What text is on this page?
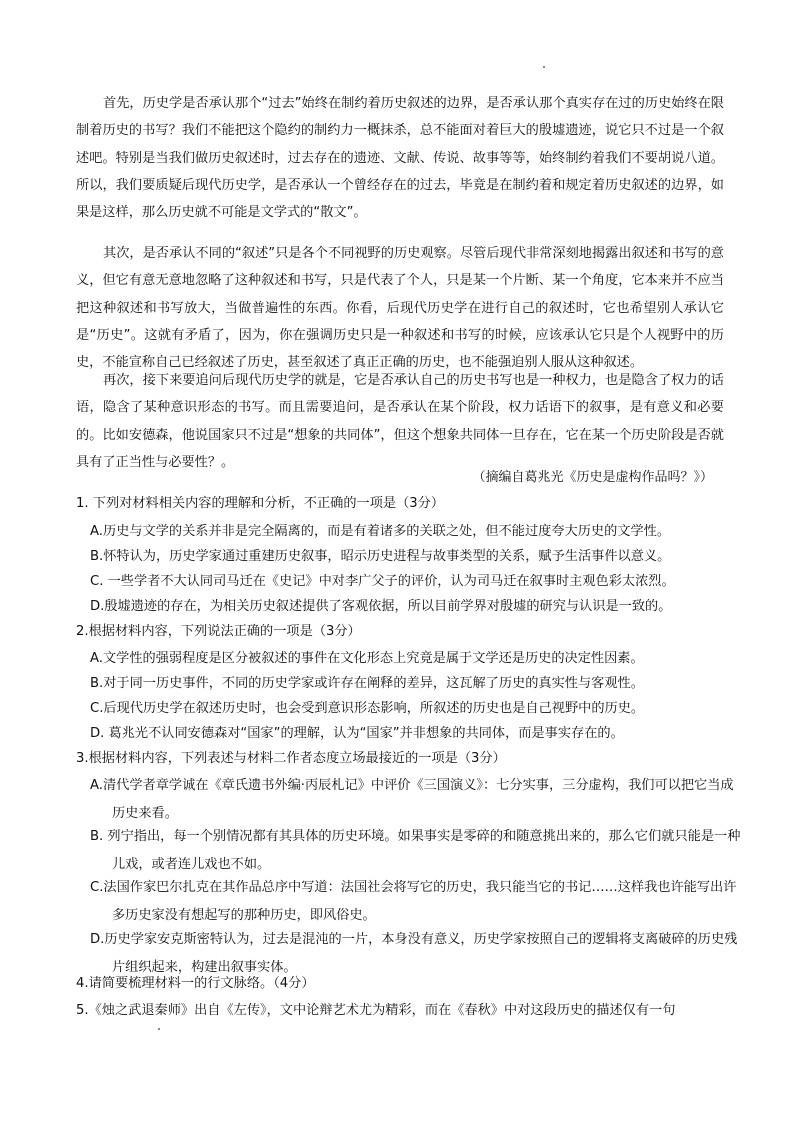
首先，历史学是否承认那个“过去”始终在制约着历史叙述的边界，是否承认那个真实存在过的历史始终在限制着历史的书写？我们不能把这个隐约的制约力一概抹杀，总不能面对着巨大的殷墟遗迹，说它只不过是一个叙述吧。特别是当我们做历史叙述时，过去存在的遗迹、文献、传说、故事等等，始终制约着我们不要胡说八道。所以，我们要质疑后现代历史学，是否承认一个曾经存在的过去，毕竟是在制约着和规定着历史叙述的边界，如果是这样，那么历史就不可能是文学式的“散文”。

其次，是否承认不同的“叙述”只是各个不同视野的历史观察。尽管后现代非常深刻地揭露出叙述和书写的意义，但它有意无意地忽略了这种叙述和书写，只是代表了个人，只是某一个片断、某一个角度，它本来并不应当把这种叙述和书写放大，当做普遍性的东西。你看，后现代历史学在进行自己的叙述时，它也希望别人承认它是“历史”。这就有矛盾了，因为，你在强调历史只是一种叙述和书写的时候，应该承认它只是个人视野中的历史，不能宣称自己已经叙述了历史，甚至叙述了真正正确的历史，也不能强迫别人服从这种叙述。

再次，接下来要追问后现代历史学的就是，它是否承认自己的历史书写也是一种权力，也是隐含了权力的话语，隐含了某种意识形态的书写。而且需要追问，是否承认在某个阶段，权力话语下的叙事，是有意义和必要的。比如安德森，他说国家只不过是“想象的共同体”，但这个想象共同体一旦存在，它在某一个历史阶段是否就具有了正当性与必要性？。

（摘编自葛兆光《历史是虚构作品吗？》）

1. 下列对材料相关内容的理解和分析，不正确的一项是（3分）

A.历史与文学的关系并非是完全隔离的，而是有着诸多的关联之处，但不能过度夸大历史的文学性。

B.怀特认为，历史学家通过重建历史叙事，昭示历史进程与故事类型的关系，赋予生活事件以意义。

C. 一些学者不大认同司马迁在《史记》中对李广父子的评价，认为司马迁在叙事时主观色彩太浓烈。

D.殷墟遗迹的存在，为相关历史叙述提供了客观依据，所以目前学界对殷墟的研究与认识是一致的。

2.根据材料内容，下列说法正确的一项是（3分）

A.文学性的强弱程度是区分被叙述的事件在文化形态上究竟是属于文学还是历史的决定性因素。

B.对于同一历史事件，不同的历史学家或许存在阐释的差异，这瓦解了历史的真实性与客观性。

C.后现代历史学在叙述历史时，也会受到意识形态影响，所叙述的历史也是自己视野中的历史。

D. 葛兆光不认同安德森对“国家”的理解，认为“国家”并非想象的共同体，而是事实存在的。

3.根据材料内容，下列表述与材料二作者态度立场最接近的一项是（3分）

A.清代学者章学诚在《章氏遗书外编·丙辰札记》中评价《三国演义》：七分实事，三分虚构，我们可以把它当成历史来看。

B. 列宁指出，每一个别情况都有其具体的历史环境。如果事实是零碎的和随意挑出来的，那么它们就只能是一种儿戏，或者连儿戏也不如。

C.法国作家巴尔扎克在其作品总序中写道：法国社会将写它的历史，我只能当它的书记……这样我也许能写出许多历史家没有想起写的那种历史，即风俗史。

D.历史学家安克斯密特认为，过去是混沌的一片，本身没有意义，历史学家按照自己的逻辑将支离破碎的历史残片组织起来，构建出叙事实体。

4.请简要梳理材料一的行文脉络。（4分）

5.《烛之武退秦师》出自《左传》，文中论辩艺术尤为精彩，而在《春秋》中对这段历史的描述仅有一句
